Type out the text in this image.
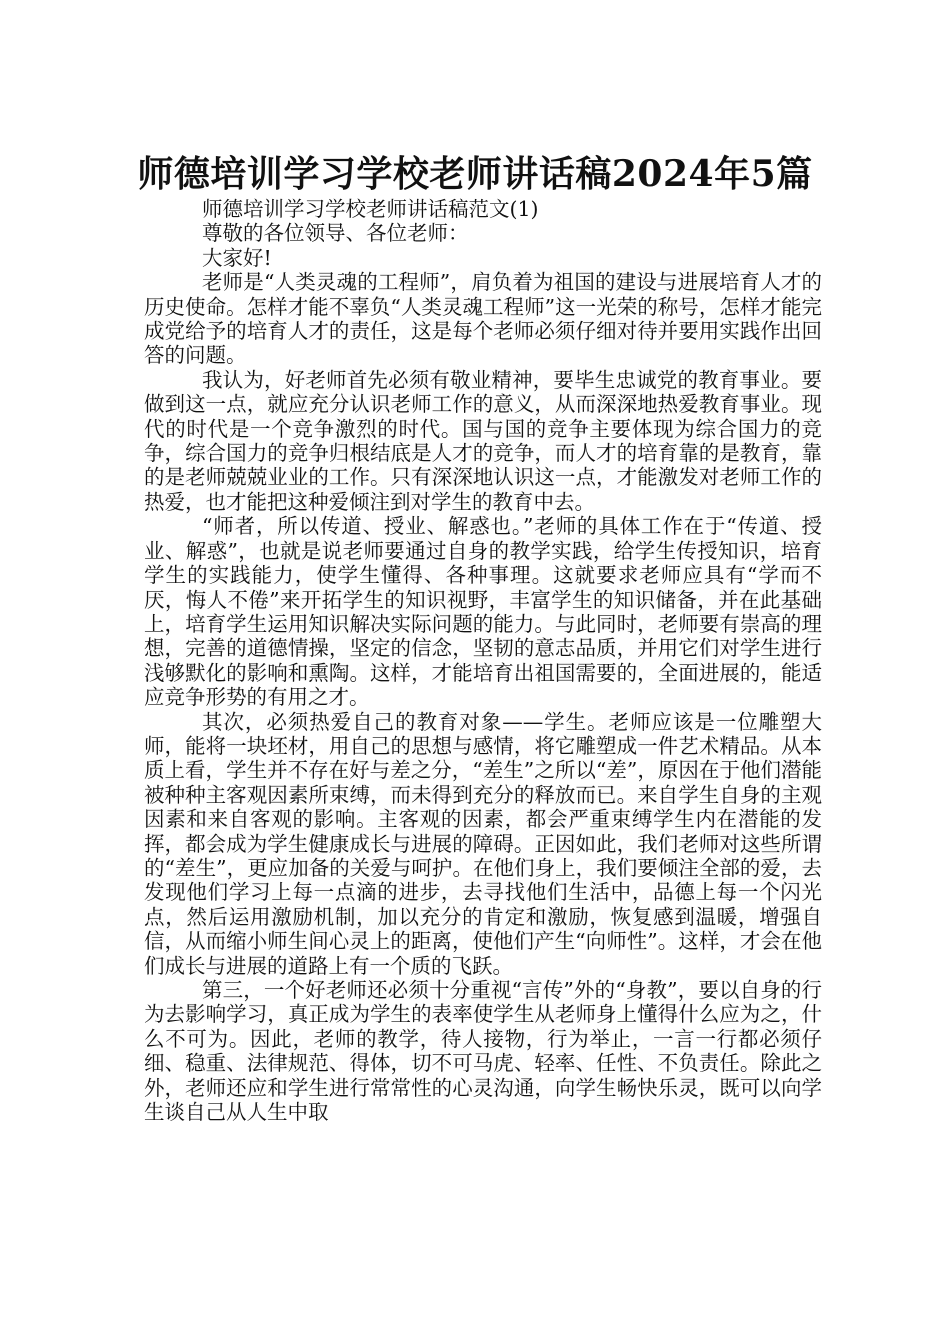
师德培训学习学校老师讲话稿2024年5篇

师德培训学习学校老师讲话稿范文(1)

尊敬的各位领导、各位老师：

大家好!

老师是“人类灵魂的工程师”，肩负着为祖国的建设与进展培育人才的历史使命。怎样才能不辜负“人类灵魂工程师”这一光荣的称号，怎样才能完成党给予的培育人才的责任，这是每个老师必须仔细对待并要用实践作出回答的问题。

我认为，好老师首先必须有敬业精神，要毕生忠诚党的教育事业。要做到这一点，就应充分认识老师工作的意义，从而深深地热爱教育事业。现代的时代是一个竞争激烈的时代。国与国的竞争主要体现为综合国力的竞争，综合国力的竞争归根结底是人才的竞争，而人才的培育靠的是教育，靠的是老师兢兢业业的工作。只有深深地认识这一点，才能激发对老师工作的热爱，也才能把这种爱倾注到对学生的教育中去。

“师者，所以传道、授业、解惑也。”老师的具体工作在于“传道、授业、解惑”，也就是说老师要通过自身的教学实践，给学生传授知识，培育学生的实践能力，使学生懂得、各种事理。这就要求老师应具有“学而不厌，悔人不倦”来开拓学生的知识视野，丰富学生的知识储备，并在此基础上，培育学生运用知识解决实际问题的能力。与此同时，老师要有崇高的理想，完善的道德情操，坚定的信念，坚韧的意志品质，并用它们对学生进行浅够默化的影响和熏陶。这样，才能培育出祖国需要的，全面进展的，能适应竞争形势的有用之才。

其次，必须热爱自己的教育对象——学生。老师应该是一位雕塑大师，能将一块坯材，用自己的思想与感情，将它雕塑成一件艺术精品。从本质上看，学生并不存在好与差之分，“差生”之所以“差”，原因在于他们潜能被种种主客观因素所束缚，而未得到充分的释放而已。来自学生自身的主观因素和来自客观的影响。主客观的因素，都会严重束缚学生内在潜能的发挥，都会成为学生健康成长与进展的障碍。正因如此，我们老师对这些所谓的“差生”，更应加备的关爱与呵护。在他们身上，我们要倾注全部的爱，去发现他们学习上每一点滴的进步，去寻找他们生活中，品德上每一个闪光点，然后运用激励机制，加以充分的肯定和激励，恢复感到温暖，增强自信，从而缩小师生间心灵上的距离，使他们产生“向师性”。这样，才会在他们成长与进展的道路上有一个质的飞跃。

第三，一个好老师还必须十分重视“言传”外的“身教”，要以自身的行为去影响学习，真正成为学生的表率使学生从老师身上懂得什么应为之，什么不可为。因此，老师的教学，待人接物，行为举止，一言一行都必须仔细、稳重、法律规范、得体，切不可马虎、轻率、任性、不负责任。除此之外，老师还应和学生进行常常性的心灵沟通，向学生畅快乐灵，既可以向学生谈自己从人生中取
